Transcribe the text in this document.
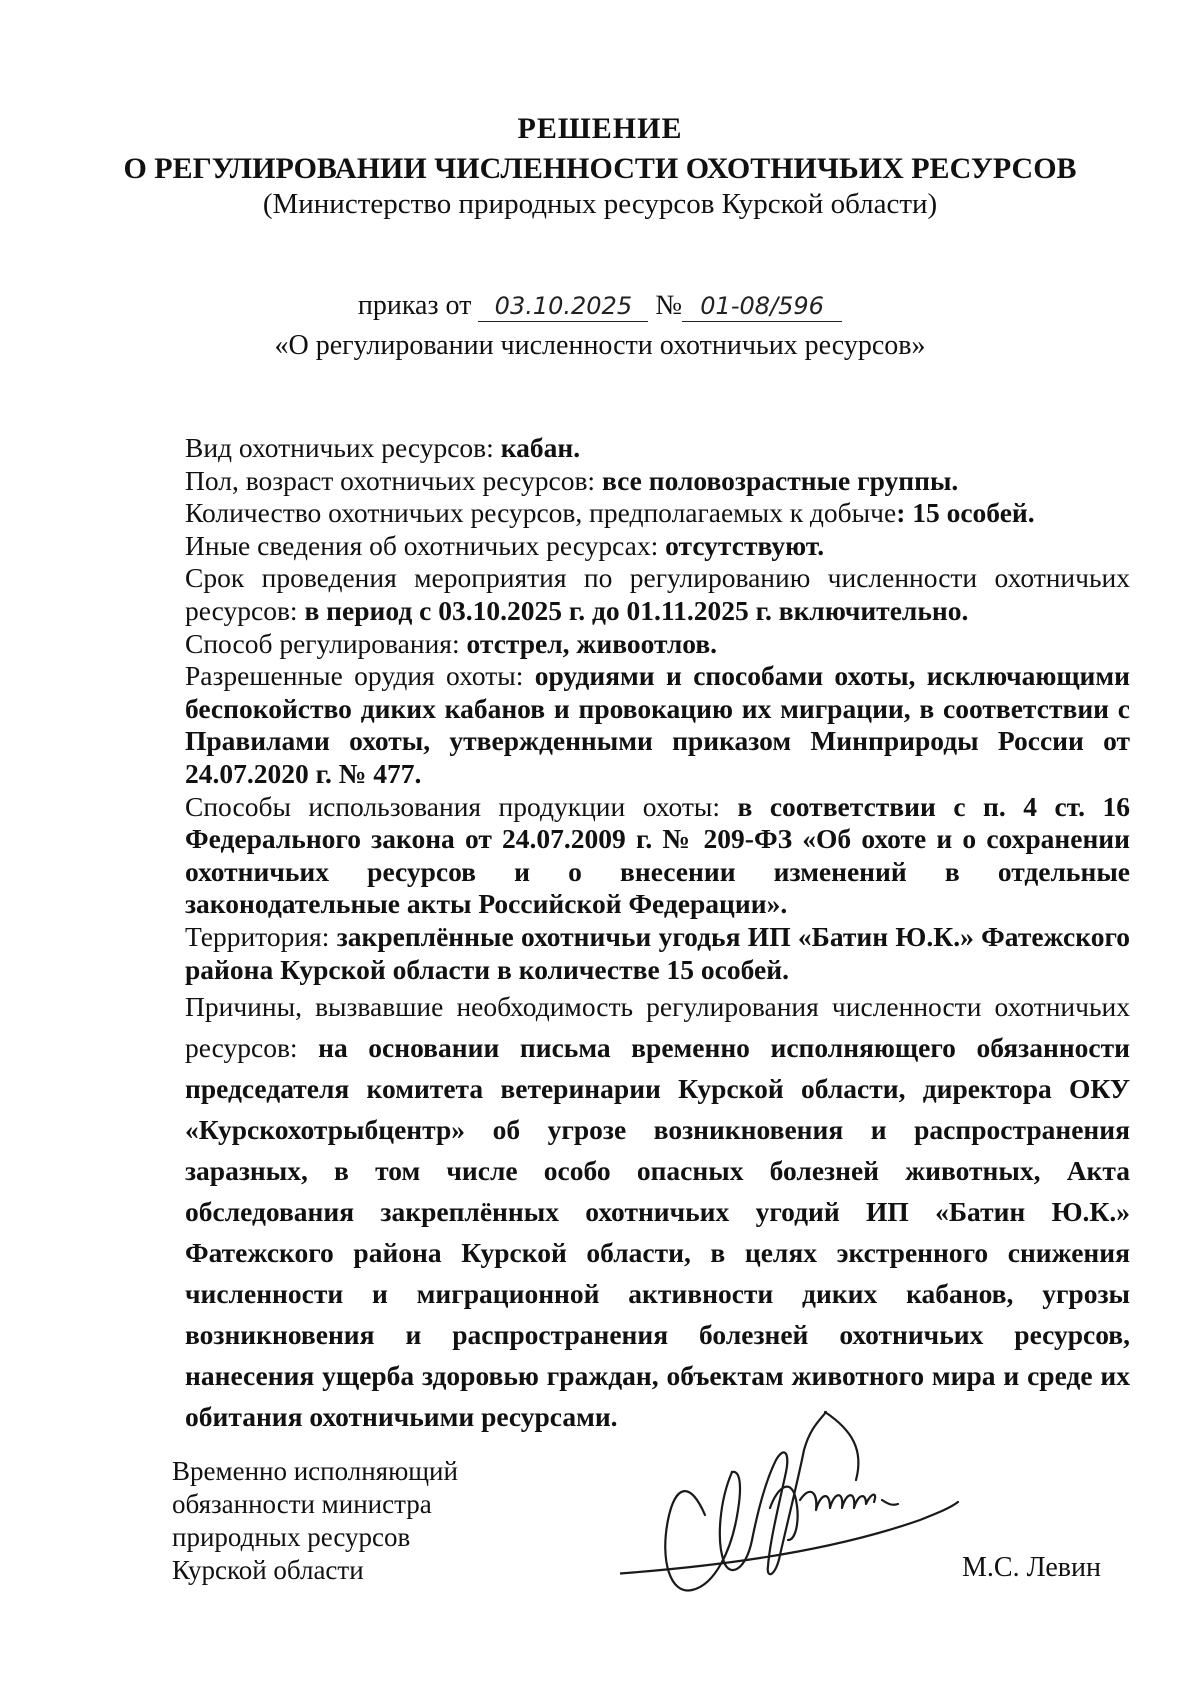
РЕШЕНИЕ
О РЕГУЛИРОВАНИИ ЧИСЛЕННОСТИ ОХОТНИЧЬИХ РЕСУРСОВ
(Министерство природных ресурсов Курской области)
приказ от 03.10.2025 № 01-08/596
«О регулировании численности охотничьих ресурсов»

Вид охотничьих ресурсов: кабан.

Пол, возраст охотничьих ресурсов: все половозрастные группы.

Количество охотничьих ресурсов, предполагаемых к добыче: 15 особей.

Иные сведения об охотничьих ресурсах: отсутствуют.

Срок проведения мероприятия по регулированию численности охотничьих ресурсов: в период с 03.10.2025 г. до 01.11.2025 г. включительно.

Способ регулирования: отстрел, живоотлов.

Разрешенные орудия охоты: орудиями и способами охоты, исключающими беспокойство диких кабанов и провокацию их миграции, в соответствии с Правилами охоты, утвержденными приказом Минприроды России от 24.07.2020 г. № 477.

Способы использования продукции охоты: в соответствии с п. 4 ст. 16 Федерального закона от 24.07.2009 г. № 209-ФЗ «Об охоте и о сохранении охотничьих ресурсов и о внесении изменений в отдельные законодательные акты Российской Федерации».

Территория: закреплённые охотничьи угодья ИП «Батин Ю.К.» Фатежского района Курской области в количестве 15 особей.

Причины, вызвавшие необходимость регулирования численности охотничьих ресурсов: на основании письма временно исполняющего обязанности председателя комитета ветеринарии Курской области, директора ОКУ «Курскохотрыбцентр» об угрозе возникновения и распространения заразных, в том числе особо опасных болезней животных, Акта обследования закреплённых охотничьих угодий ИП «Батин Ю.К.» Фатежского района Курской области, в целях экстренного снижения численности и миграционной активности диких кабанов, угрозы возникновения и распространения болезней охотничьих ресурсов, нанесения ущерба здоровью граждан, объектам животного мира и среде их обитания охотничьими ресурсами.

Временно исполняющий
обязанности министра
природных ресурсов
Курской области	М.С. Левин
